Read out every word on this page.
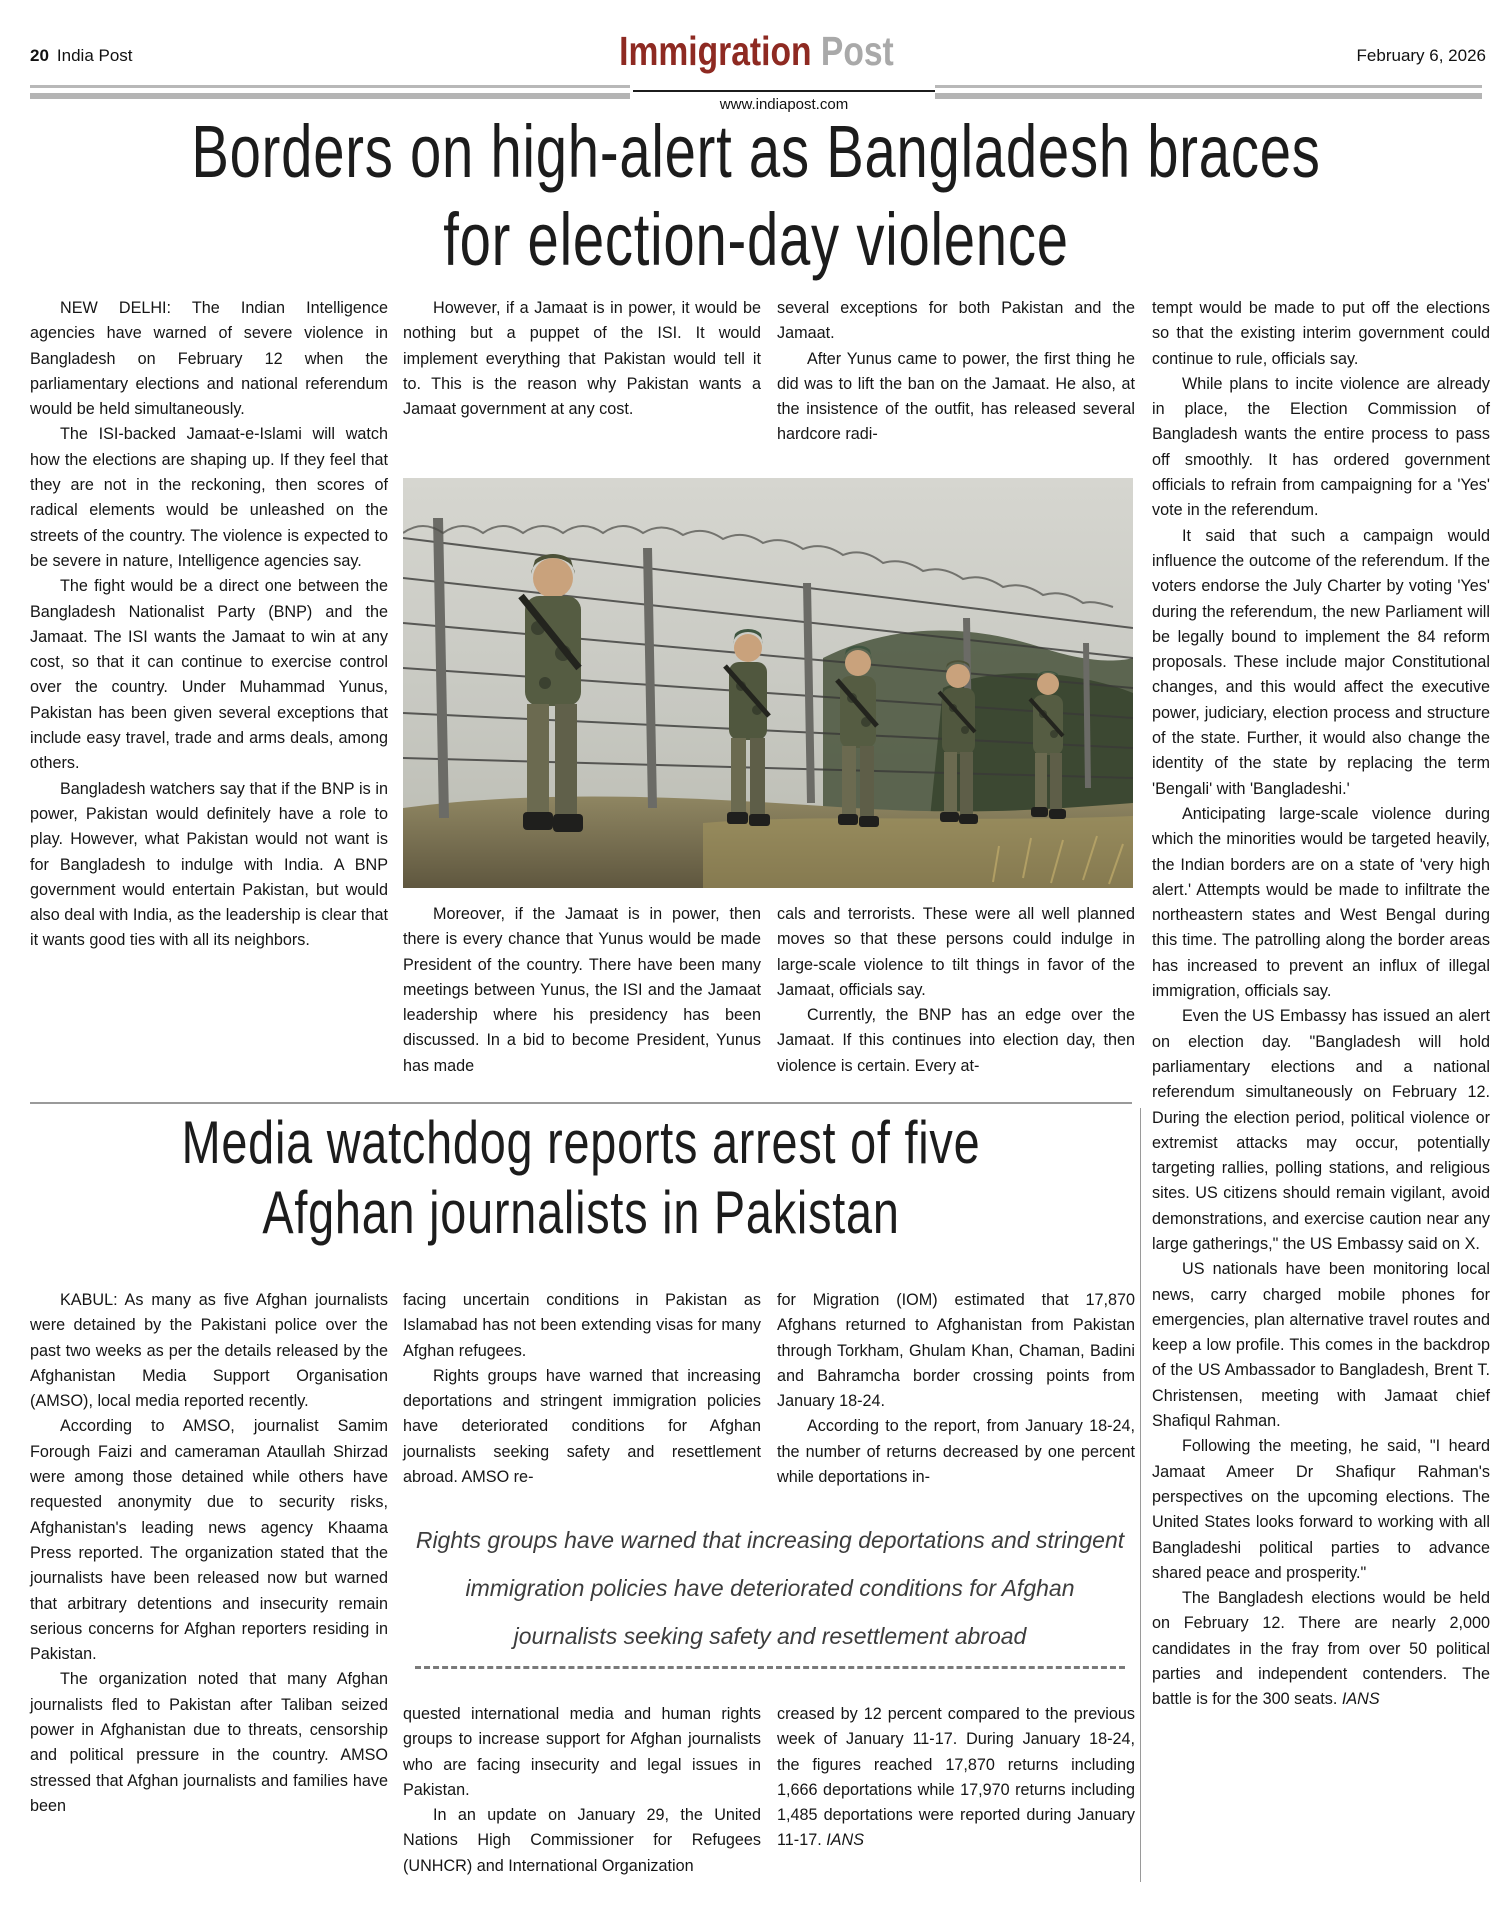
20 India Post	February 6, 2026
Immigration Post
www.indiapost.com
Borders on high-alert as Bangladesh braces
for election-day violence

NEW DELHI: The Indian Intelligence agencies have warned of severe violence in Bangladesh on February 12 when the parliamentary elections and national referendum would be held simultaneously.

The ISI-backed Jamaat-e-Islami will watch how the elections are shaping up. If they feel that they are not in the reckoning, then scores of radical elements would be unleashed on the streets of the country. The violence is expected to be severe in nature, Intelligence agencies say.

The fight would be a direct one between the Bangladesh Nationalist Party (BNP) and the Jamaat. The ISI wants the Jamaat to win at any cost, so that it can continue to exercise control over the country. Under Muhammad Yunus, Pakistan has been given several exceptions that include easy travel, trade and arms deals, among others.

Bangladesh watchers say that if the BNP is in power, Pakistan would definitely have a role to play. However, what Pakistan would not want is for Bangladesh to indulge with India. A BNP government would entertain Pakistan, but would also deal with India, as the leadership is clear that it wants good ties with all its neighbors.

However, if a Jamaat is in power, it would be nothing but a puppet of the ISI. It would implement everything that Pakistan would tell it to. This is the reason why Pakistan wants a Jamaat government at any cost.

Moreover, if the Jamaat is in power, then there is every chance that Yunus would be made President of the country. There have been many meetings between Yunus, the ISI and the Jamaat leadership where his presidency has been discussed. In a bid to become President, Yunus has made

several exceptions for both Pakistan and the Jamaat.

After Yunus came to power, the first thing he did was to lift the ban on the Jamaat. He also, at the insistence of the outfit, has released several hardcore radi-

cals and terrorists. These were all well planned moves so that these persons could indulge in large-scale violence to tilt things in favor of the Jamaat, officials say.

Currently, the BNP has an edge over the Jamaat. If this continues into election day, then violence is certain. Every at-

tempt would be made to put off the elections so that the existing interim government could continue to rule, officials say.

While plans to incite violence are already in place, the Election Commission of Bangladesh wants the entire process to pass off smoothly. It has ordered government officials to refrain from campaigning for a 'Yes' vote in the referendum.

It said that such a campaign would influence the outcome of the referendum. If the voters endorse the July Charter by voting 'Yes' during the referendum, the new Parliament will be legally bound to implement the 84 reform proposals. These include major Constitutional changes, and this would affect the executive power, judiciary, election process and structure of the state. Further, it would also change the identity of the state by replacing the term 'Bengali' with 'Bangladeshi.'

Anticipating large-scale violence during which the minorities would be targeted heavily, the Indian borders are on a state of 'very high alert.' Attempts would be made to infiltrate the northeastern states and West Bengal during this time. The patrolling along the border areas has increased to prevent an influx of illegal immigration, officials say.

Even the US Embassy has issued an alert on election day. "Bangladesh will hold parliamentary elections and a national referendum simultaneously on February 12. During the election period, political violence or extremist attacks may occur, potentially targeting rallies, polling stations, and religious sites. US citizens should remain vigilant, avoid demonstrations, and exercise caution near any large gatherings," the US Embassy said on X.

US nationals have been monitoring local news, carry charged mobile phones for emergencies, plan alternative travel routes and keep a low profile. This comes in the backdrop of the US Ambassador to Bangladesh, Brent T. Christensen, meeting with Jamaat chief Shafiqul Rahman.

Following the meeting, he said, "I heard Jamaat Ameer Dr Shafiqur Rahman's perspectives on the upcoming elections. The United States looks forward to working with all Bangladeshi political parties to advance shared peace and prosperity."

The Bangladesh elections would be held on February 12. There are nearly 2,000 candidates in the fray from over 50 political parties and independent contenders. The battle is for the 300 seats. IANS

Media watchdog reports arrest of five
Afghan journalists in Pakistan

KABUL: As many as five Afghan journalists were detained by the Pakistani police over the past two weeks as per the details released by the Afghanistan Media Support Organisation (AMSO), local media reported recently.

According to AMSO, journalist Samim Forough Faizi and cameraman Ataullah Shirzad were among those detained while others have requested anonymity due to security risks, Afghanistan's leading news agency Khaama Press reported. The organization stated that the journalists have been released now but warned that arbitrary detentions and insecurity remain serious concerns for Afghan reporters residing in Pakistan.

The organization noted that many Afghan journalists fled to Pakistan after Taliban seized power in Afghanistan due to threats, censorship and political pressure in the country. AMSO stressed that Afghan journalists and families have been

facing uncertain conditions in Pakistan as Islamabad has not been extending visas for many Afghan refugees.

Rights groups have warned that increasing deportations and stringent immigration policies have deteriorated conditions for Afghan journalists seeking safety and resettlement abroad. AMSO re-

Rights groups have warned that increasing deportations and stringent immigration policies have deteriorated conditions for Afghan journalists seeking safety and resettlement abroad

quested international media and human rights groups to increase support for Afghan journalists who are facing insecurity and legal issues in Pakistan.

In an update on January 29, the United Nations High Commissioner for Refugees (UNHCR) and International Organization

for Migration (IOM) estimated that 17,870 Afghans returned to Afghanistan from Pakistan through Torkham, Ghulam Khan, Chaman, Badini and Bahramcha border crossing points from January 18-24.

According to the report, from January 18-24, the number of returns decreased by one percent while deportations in-

creased by 12 percent compared to the previous week of January 11-17. During January 18-24, the figures reached 17,870 returns including 1,666 deportations while 17,970 returns including 1,485 deportations were reported during January 11-17. IANS
